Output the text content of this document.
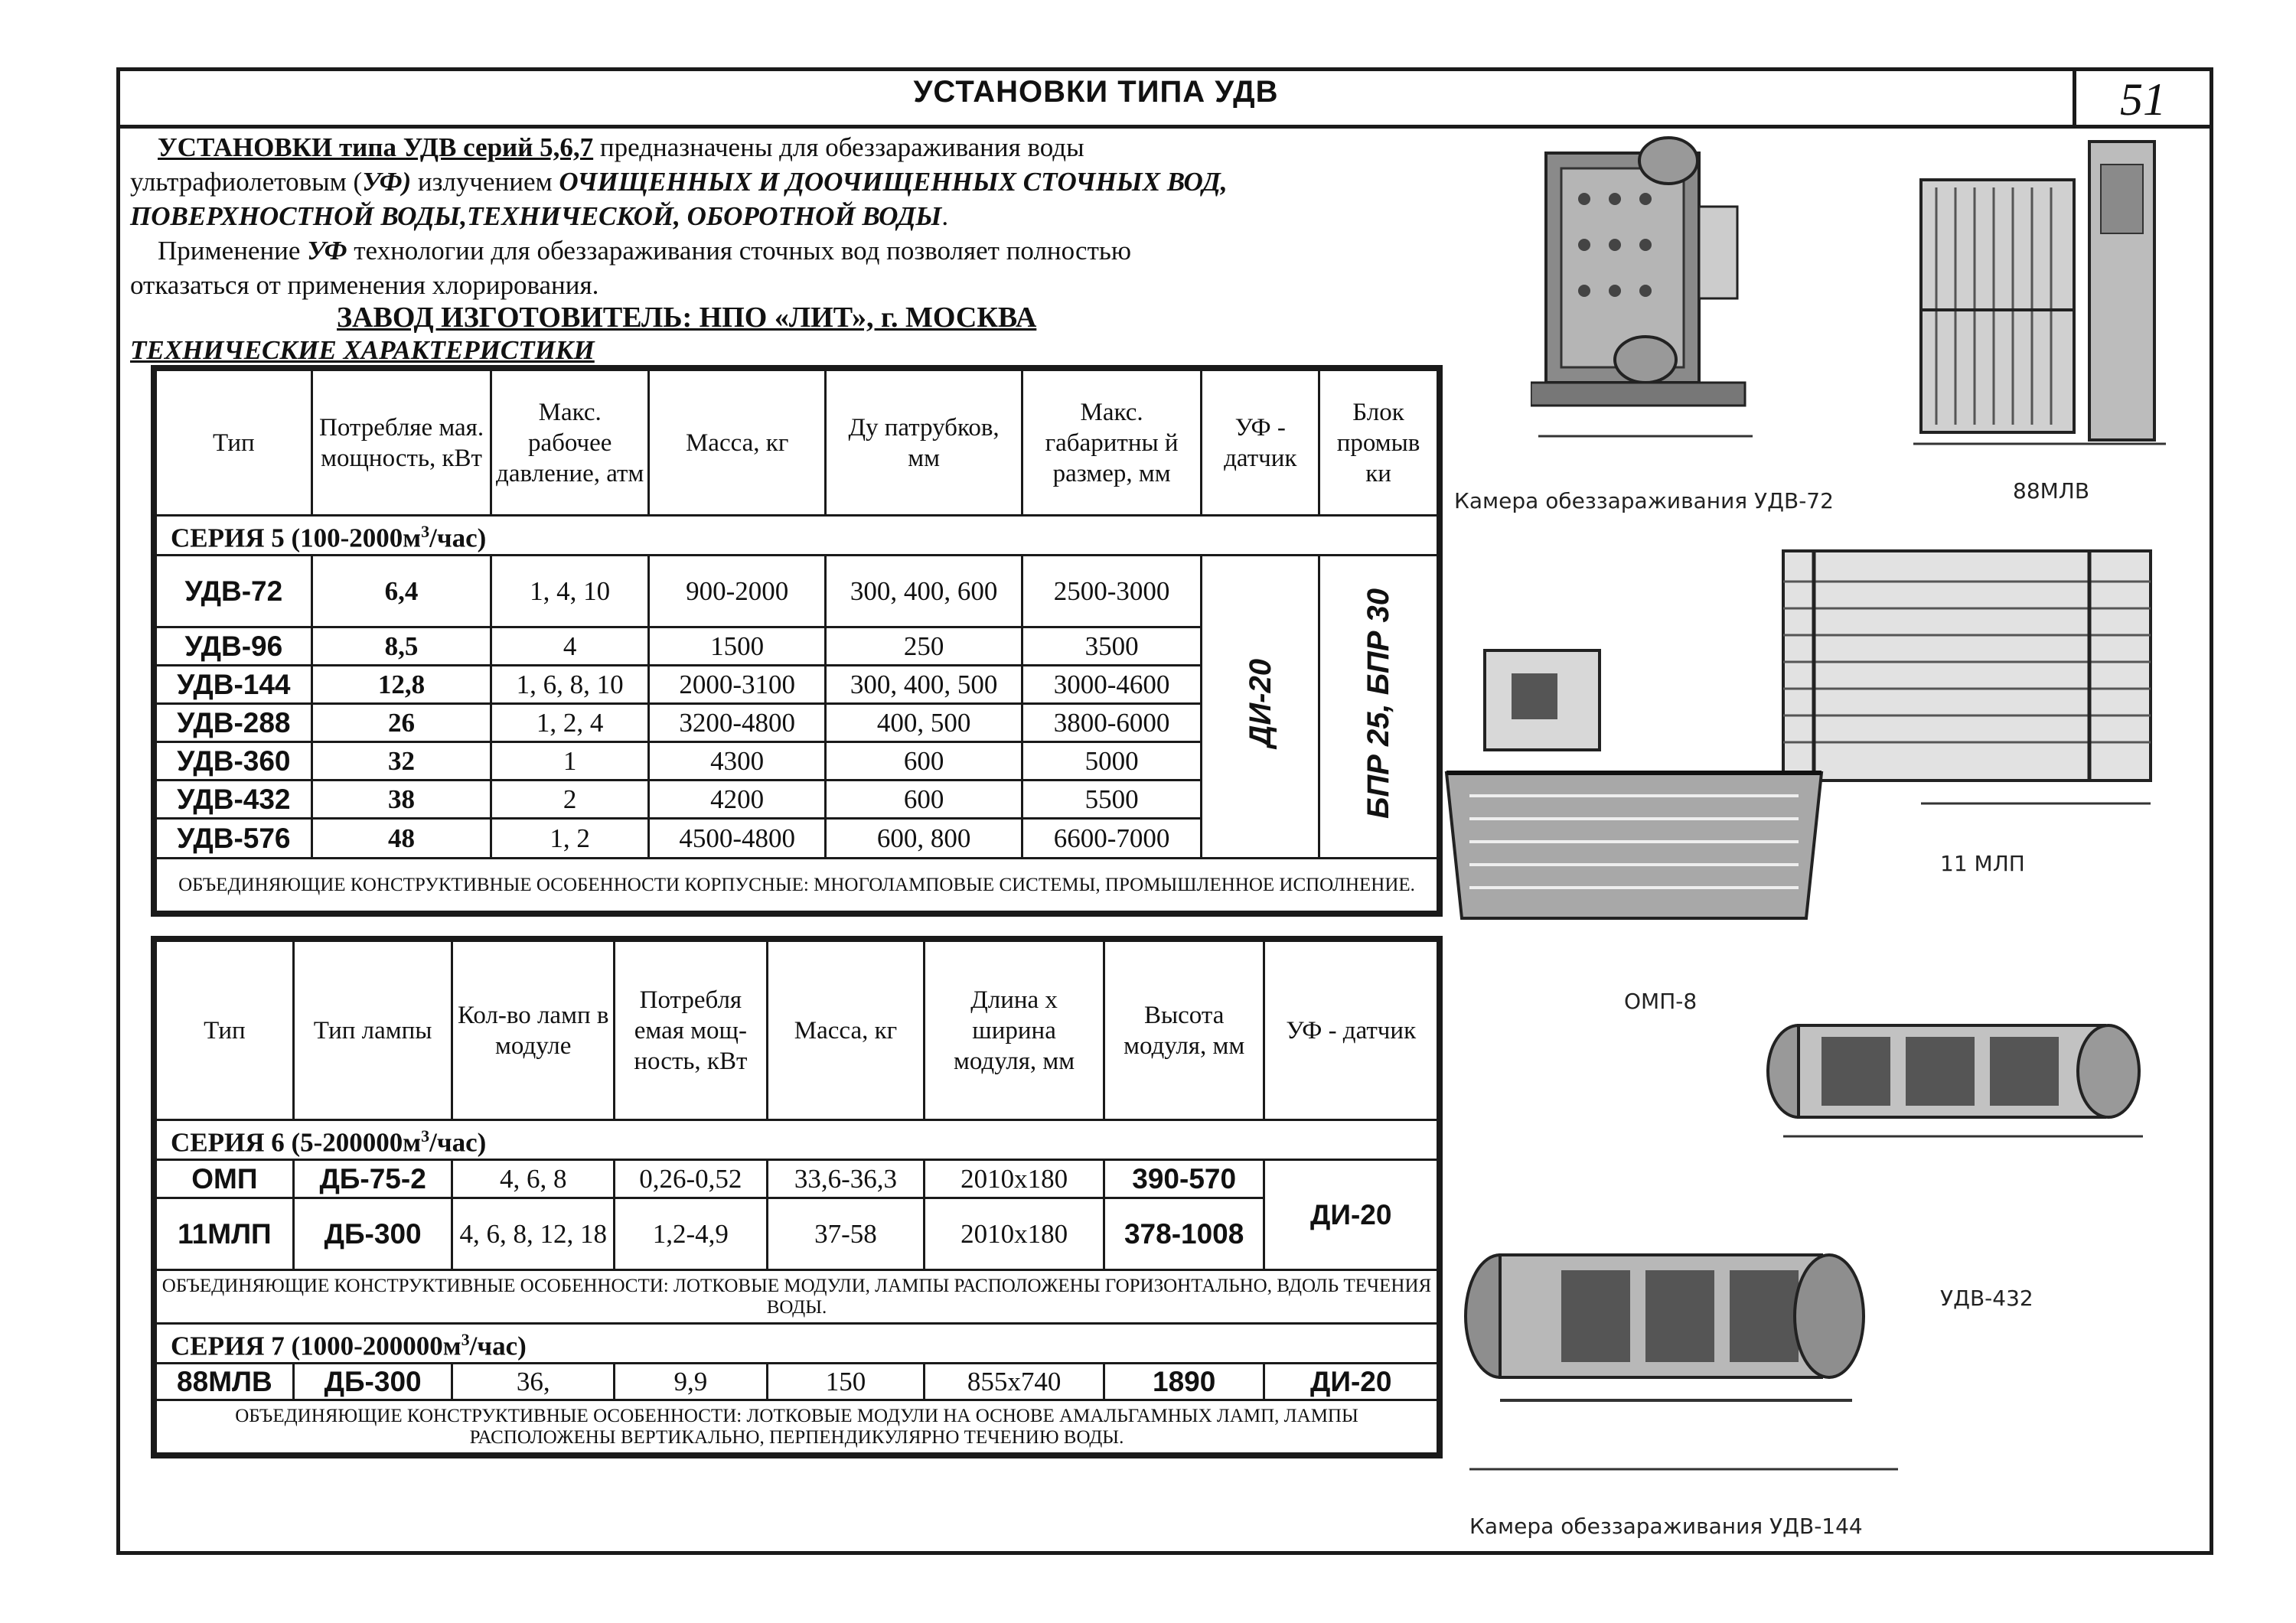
УСТАНОВКИ ТИПА УДВ	51

УСТАНОВКИ типа УДВ серий 5,6,7 предназначены для обеззараживания воды

ультрафиолетовым (УФ) излучением ОЧИЩЕННЫХ И ДООЧИЩЕННЫХ СТОЧНЫХ ВОД,

ПОВЕРХНОСТНОЙ ВОДЫ,ТЕХНИЧЕСКОЙ, ОБОРОТНОЙ ВОДЫ.

Применение УФ технологии для обеззараживания сточных вод позволяет полностью

отказаться от применения хлорирования.

ЗАВОД ИЗГОТОВИТЕЛЬ: НПО «ЛИТ», г. МОСКВА
ТЕХНИЧЕСКИЕ ХАРАКТЕРИСТИКИ
Тип	Потребляе мая. мощность, кВт	Макс. рабочее давление, атм	Масса, кг	Ду патрубков, мм	Макс. габаритны й размер, мм	УФ - датчик	Блок промыв ки
СЕРИЯ 5 $(100-2000м^3/час)$							
УДВ-72	6,4	1, 4, 10	900-2000	300, 400, 600	2500-3000	ДИ-20	БПР 25, БПР 30
УДВ-96	8,5	4	1500	250	3500		
УДВ-144	12,8	1, 6, 8, 10	2000-3100	300, 400, 500	3000-4600		
УДВ-288	26	1, 2, 4	3200-4800	400, 500	3800-6000		
УДВ-360	32	1	4300	600	5000		
УДВ-432	38	2	4200	600	5500		
УДВ-576	48	1, 2	4500-4800	600, 800	6600-7000		
ОБЪЕДИНЯЮЩИЕ КОНСТРУКТИВНЫЕ ОСОБЕННОСТИ КОРПУСНЫЕ: МНОГОЛАМПОВЫЕ СИСТЕМЫ, ПРОМЫШЛЕННОЕ ИСПОЛНЕНИЕ.							
Тип	Тип лампы	Кол-во ламп в модуле	Потребля емая мощ- ность, кВт	Масса, кг	Длина х ширина модуля, мм	Высота модуля, мм	УФ - датчик
СЕРИЯ 6 $(5-200000м^3/час)$							
ОМП	ДБ-75-2	4, 6, 8	0,26-0,52	33,6-36,3	2010x180	390-570	ДИ-20
11МЛП	ДБ-300	4, 6, 8, 12, 18	1,2-4,9	37-58	2010x180	378-1008	
ОБЪЕДИНЯЮЩИЕ КОНСТРУКТИВНЫЕ ОСОБЕННОСТИ: ЛОТКОВЫЕ МОДУЛИ, ЛАМПЫ РАСПОЛОЖЕНЫ ГОРИЗОНТАЛЬНО, ВДОЛЬ ТЕЧЕНИЯ ВОДЫ.							
СЕРИЯ 7 $(1000-200000м^3/час)$							
88МЛВ	ДБ-300	36,	9,9	150	855x740	1890	ДИ-20
ОБЪЕДИНЯЮЩИЕ КОНСТРУКТИВНЫЕ ОСОБЕННОСТИ: ЛОТКОВЫЕ МОДУЛИ НА ОСНОВЕ АМАЛЬГАМНЫХ ЛАМП, ЛАМПЫ РАСПОЛОЖЕНЫ ВЕРТИКАЛЬНО, ПЕРПЕНДИКУЛЯРНО ТЕЧЕНИЮ ВОДЫ.							
Камера обеззараживания УДВ-72	88МЛВ
11 МЛП
ОМП-8
УДВ-432
Камера обеззараживания УДВ-144
